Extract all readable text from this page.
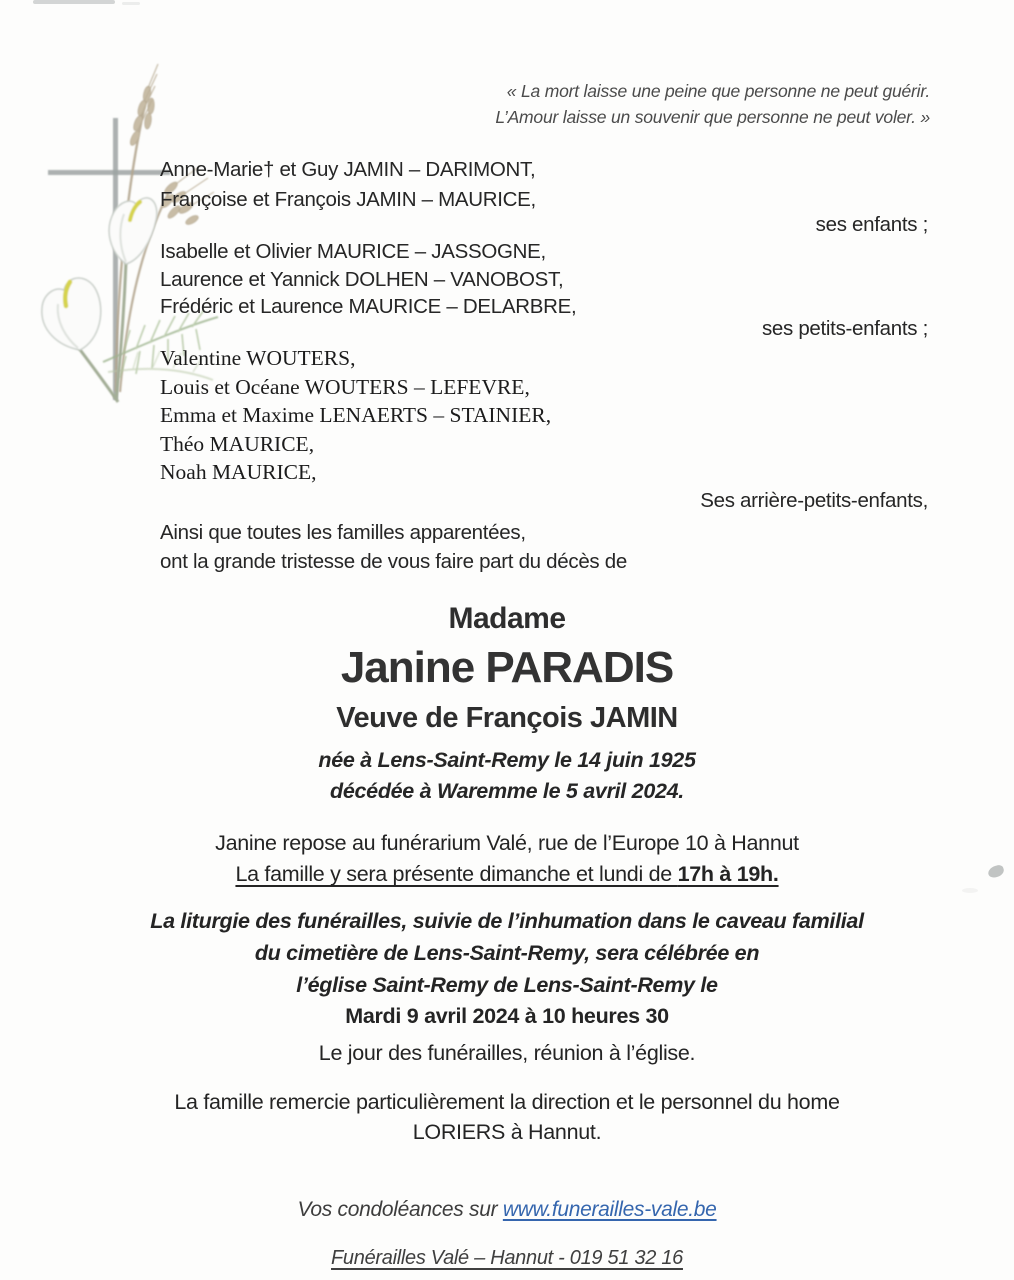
« La mort laisse une peine que personne ne peut guérir.
L’Amour laisse un souvenir que personne ne peut voler. »
Anne-Marie† et Guy JAMIN – DARIMONT,
Françoise et François JAMIN – MAURICE,
ses enfants ;
Isabelle et Olivier MAURICE – JASSOGNE,
Laurence et Yannick DOLHEN – VANOBOST,
Frédéric et Laurence MAURICE – DELARBRE,
ses petits-enfants ;
Valentine WOUTERS,
Louis et Océane WOUTERS – LEFEVRE,
Emma et Maxime LENAERTS – STAINIER,
Théo MAURICE,
Noah MAURICE,
Ses arrière-petits-enfants,
Ainsi que toutes les familles apparentées,
ont la grande tristesse de vous faire part du décès de
Madame
Janine PARADIS
Veuve de François JAMIN
née à Lens-Saint-Remy le 14 juin 1925
décédée à Waremme le 5 avril 2024.
Janine repose au funérarium Valé, rue de l’Europe 10 à Hannut
La famille y sera présente dimanche et lundi de 17h à 19h.
La liturgie des funérailles, suivie de l’inhumation dans le caveau familial
du cimetière de Lens-Saint-Remy, sera célébrée en
l’église Saint-Remy de Lens-Saint-Remy le
Mardi 9 avril 2024 à 10 heures 30
Le jour des funérailles, réunion à l’église.
La famille remercie particulièrement la direction et le personnel du home
LORIERS à Hannut.
Vos condoléances sur www.funerailles-vale.be
Funérailles Valé – Hannut - 019 51 32 16
